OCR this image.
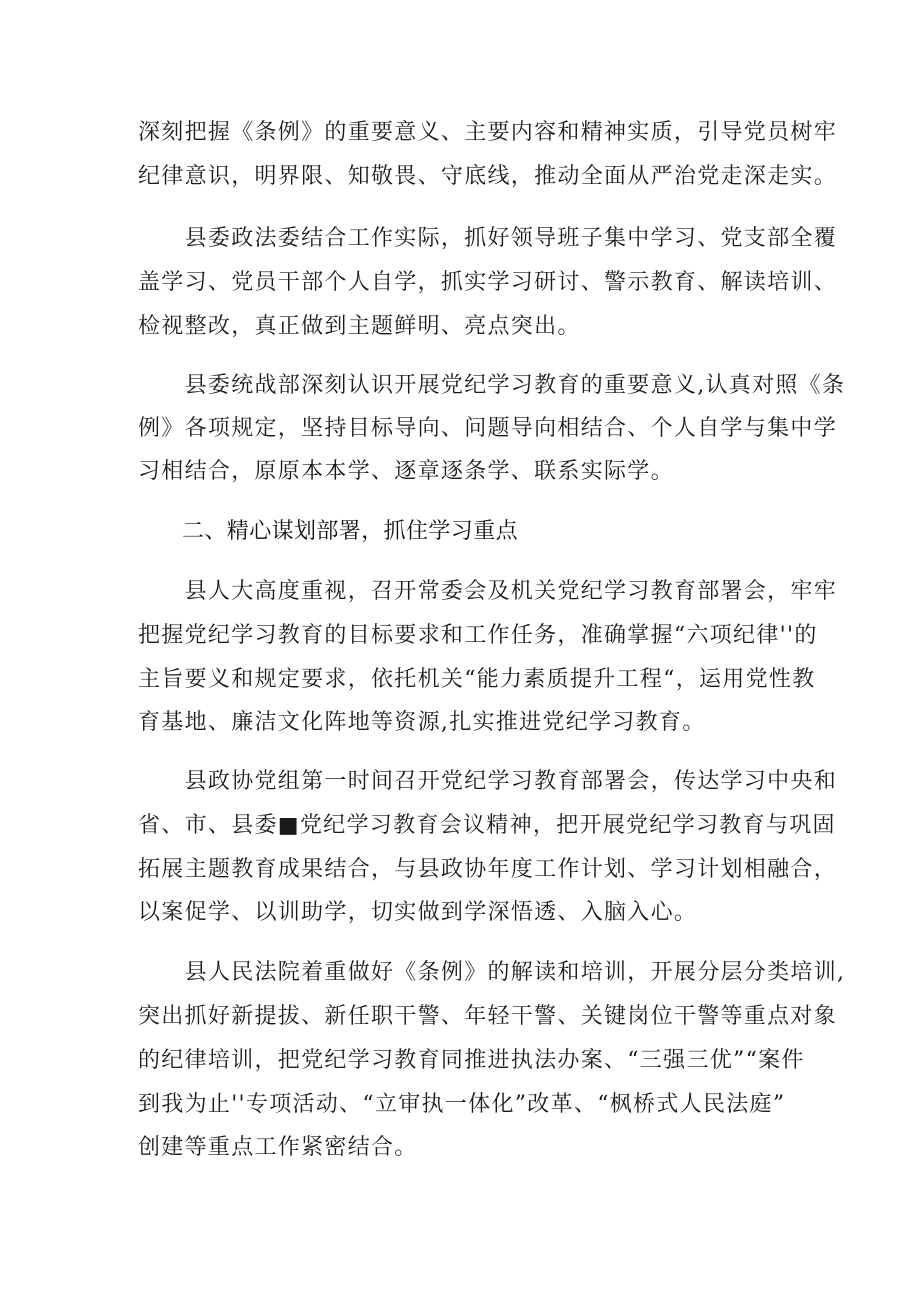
深刻把握《条例》的重要意义、主要内容和精神实质，引导党员树牢
纪律意识，明界限、知敬畏、守底线，推动全面从严治党走深走实。
　　县委政法委结合工作实际，抓好领导班子集中学习、党支部全覆
盖学习、党员干部个人自学，抓实学习研讨、警示教育、解读培训、
检视整改，真正做到主题鲜明、亮点突出。
　　县委统战部深刻认识开展党纪学习教育的重要意义,认真对照《条
例》各项规定，坚持目标导向、问题导向相结合、个人自学与集中学
习相结合，原原本本学、逐章逐条学、联系实际学。
二、精心谋划部署，抓住学习重点
　　县人大高度重视，召开常委会及机关党纪学习教育部署会，牢牢
把握党纪学习教育的目标要求和工作任务，准确掌握“六项纪律''的
主旨要义和规定要求，依托机关“能力素质提升工程“，运用党性教
育基地、廉洁文化阵地等资源,扎实推进党纪学习教育。
　　县政协党组第一时间召开党纪学习教育部署会，传达学习中央和
省、市、县委■党纪学习教育会议精神，把开展党纪学习教育与巩固
拓展主题教育成果结合，与县政协年度工作计划、学习计划相融合，
以案促学、以训助学，切实做到学深悟透、入脑入心。
　　县人民法院着重做好《条例》的解读和培训，开展分层分类培训,
突出抓好新提拔、新任职干警、年轻干警、关键岗位干警等重点对象
的纪律培训，把党纪学习教育同推进执法办案、“三强三优”“案件
到我为止''专项活动、“立审执一体化”改革、“枫桥式人民法庭”
创建等重点工作紧密结合。
